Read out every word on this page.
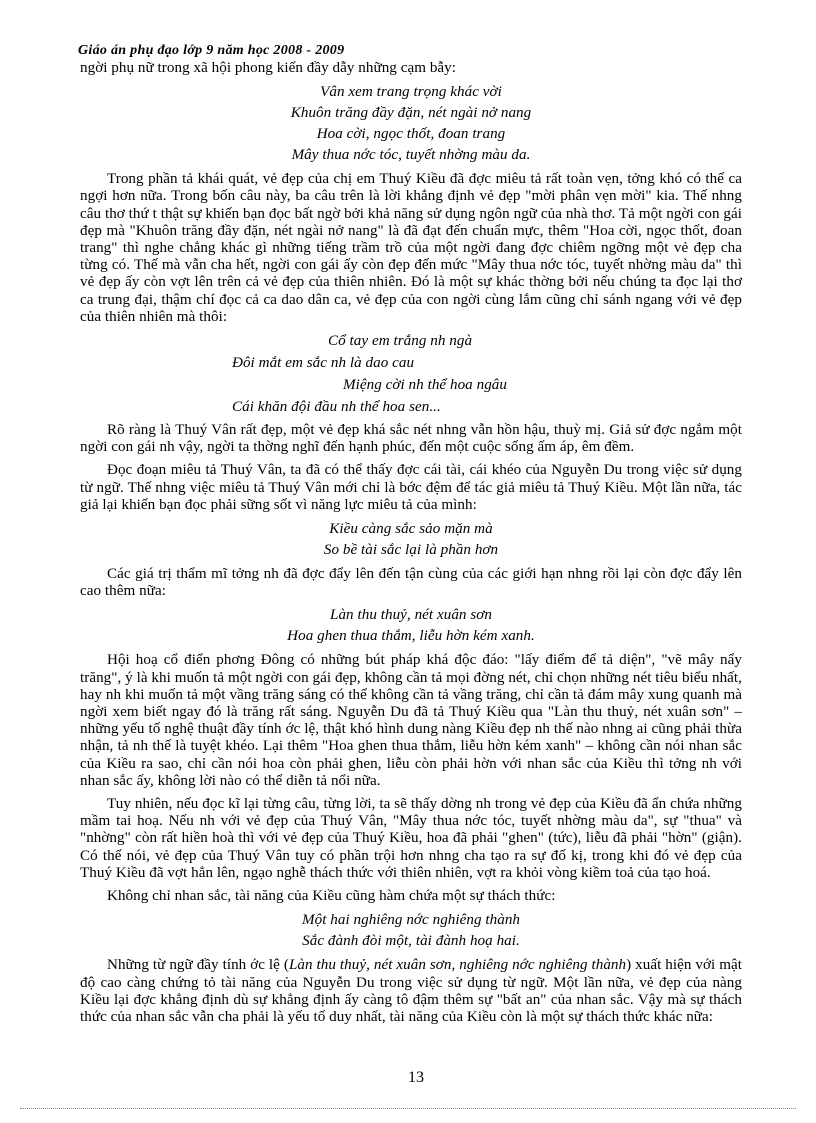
Giáo án phụ đạo lớp 9 năm học 2008 - 2009

ngời phụ nữ trong xã hội phong kiến đầy dẫy những cạm bẫy:

Vân xem trang trọng khác vời
Khuôn trăng đầy đặn, nét ngài nở nang
Hoa cời, ngọc thốt, đoan trang
Mây thua nớc tóc, tuyết nhờng màu da.

Trong phần tả khái quát, vẻ đẹp của chị em Thuý Kiều đã đợc miêu tả rất toàn vẹn, tởng khó có thể ca ngợi hơn nữa. Trong bốn câu này, ba câu trên là lời khẳng định vẻ đẹp "mời phân vẹn mời" kia. Thế nhng câu thơ thứ t thật sự khiến bạn đọc bất ngờ bởi khả năng sử dụng ngôn ngữ của nhà thơ. Tả một ngời con gái đẹp mà "Khuôn trăng đầy đặn, nét ngài nở nang" là đã đạt đến chuẩn mực, thêm "Hoa cời, ngọc thốt, đoan trang" thì nghe chẳng khác gì những tiếng trầm trồ của một ngời đang đợc chiêm ngỡng một vẻ đẹp cha từng có. Thế mà vẫn cha hết, ngời con gái ấy còn đẹp đến mức "Mây thua nớc tóc, tuyết nhờng màu da" thì vẻ đẹp ấy còn vợt lên trên cả vẻ đẹp của thiên nhiên. Đó là một sự khác thờng bởi nếu chúng ta đọc lại thơ ca trung đại, thậm chí đọc cả ca dao dân ca, vẻ đẹp của con ngời cùng lắm cũng chỉ sánh ngang với vẻ đẹp của thiên nhiên mà thôi:

Cổ tay em trắng nh ngà
Đôi mắt em sắc nh là dao cau
Miệng cời nh thể hoa ngâu
Cái khăn đội đầu nh thể hoa sen...

Rõ ràng là Thuý Vân rất đẹp, một vẻ đẹp khá sắc nét nhng vẫn hồn hậu, thuỳ mị. Giả sử đợc ngắm một ngời con gái nh vậy, ngời ta thờng nghĩ đến hạnh phúc, đến một cuộc sống ấm áp, êm đềm.

Đọc đoạn miêu tả Thuý Vân, ta đã có thể thấy đợc cái tài, cái khéo của Nguyễn Du trong việc sử dụng từ ngữ. Thế nhng việc miêu tả Thuý Vân mới chỉ là bớc đệm để tác giả miêu tả Thuý Kiều. Một lần nữa, tác giả lại khiến bạn đọc phải sững sốt vì năng lực miêu tả của mình:

Kiều càng sắc sảo mặn mà
So bề tài sắc lại là phần hơn

Các giá trị thẩm mĩ tởng nh đã đợc đẩy lên đến tận cùng của các giới hạn nhng rồi lại còn đợc đẩy lên cao thêm nữa:

Làn thu thuỷ, nét xuân sơn
Hoa ghen thua thắm, liễu hờn kém xanh.

Hội hoạ cổ điển phơng Đông có những bút pháp khá độc đáo: "lấy điểm để tả diện", "vẽ mây nẩy trăng", ý là khi muốn tả một ngời con gái đẹp, không cần tả mọi đờng nét, chỉ chọn những nét tiêu biểu nhất, hay nh khi muốn tả một vầng trăng sáng có thể không cần tả vầng trăng, chỉ cần tả đám mây xung quanh mà ngời xem biết ngay đó là trăng rất sáng. Nguyễn Du đã tả Thuý Kiều qua "Làn thu thuỷ, nét xuân sơn" – những yếu tố nghệ thuật đầy tính ớc lệ, thật khó hình dung nàng Kiều đẹp nh thế nào nhng ai cũng phải thừa nhận, tả nh thế là tuyệt khéo. Lại thêm "Hoa ghen thua thắm, liễu hờn kém xanh" – không cần nói nhan sắc của Kiều ra sao, chỉ cần nói hoa còn phải ghen, liễu còn phải hờn với nhan sắc của Kiều thì tởng nh với nhan sắc ấy, không lời nào có thể diễn tả nổi nữa.

Tuy nhiên, nếu đọc kĩ lại từng câu, từng lời, ta sẽ thấy dờng nh trong vẻ đẹp của Kiều đã ẩn chứa những mầm tai hoạ. Nếu nh với vẻ đẹp của Thuý Vân, "Mây thua nớc tóc, tuyết nhờng màu da", sự "thua" và "nhờng" còn rất hiền hoà thì với vẻ đẹp của Thuý Kiều, hoa đã phải "ghen" (tức), liễu đã phải "hờn" (giận). Có thể nói, vẻ đẹp của Thuý Vân tuy có phần trội hơn nhng cha tạo ra sự đố kị, trong khi đó vẻ đẹp của Thuý Kiều đã vợt hẳn lên, ngạo nghễ thách thức với thiên nhiên, vợt ra khỏi vòng kiềm toả của tạo hoá.

Không chỉ nhan sắc, tài năng của Kiều cũng hàm chứa một sự thách thức:

Một hai nghiêng nớc nghiêng thành
Sắc đành đòi một, tài đành hoạ hai.

Những từ ngữ đầy tính ớc lệ (Làn thu thuỷ, nét xuân sơn, nghiêng nớc nghiêng thành) xuất hiện với mật độ cao càng chứng tỏ tài năng của Nguyễn Du trong việc sử dụng từ ngữ. Một lần nữa, vẻ đẹp của nàng Kiều lại đợc khẳng định dù sự khẳng định ấy càng tô đậm thêm sự "bất an" của nhan sắc. Vậy mà sự thách thức của nhan sắc vẫn cha phải là yếu tố duy nhất, tài năng của Kiều còn là một sự thách thức khác nữa:

13
